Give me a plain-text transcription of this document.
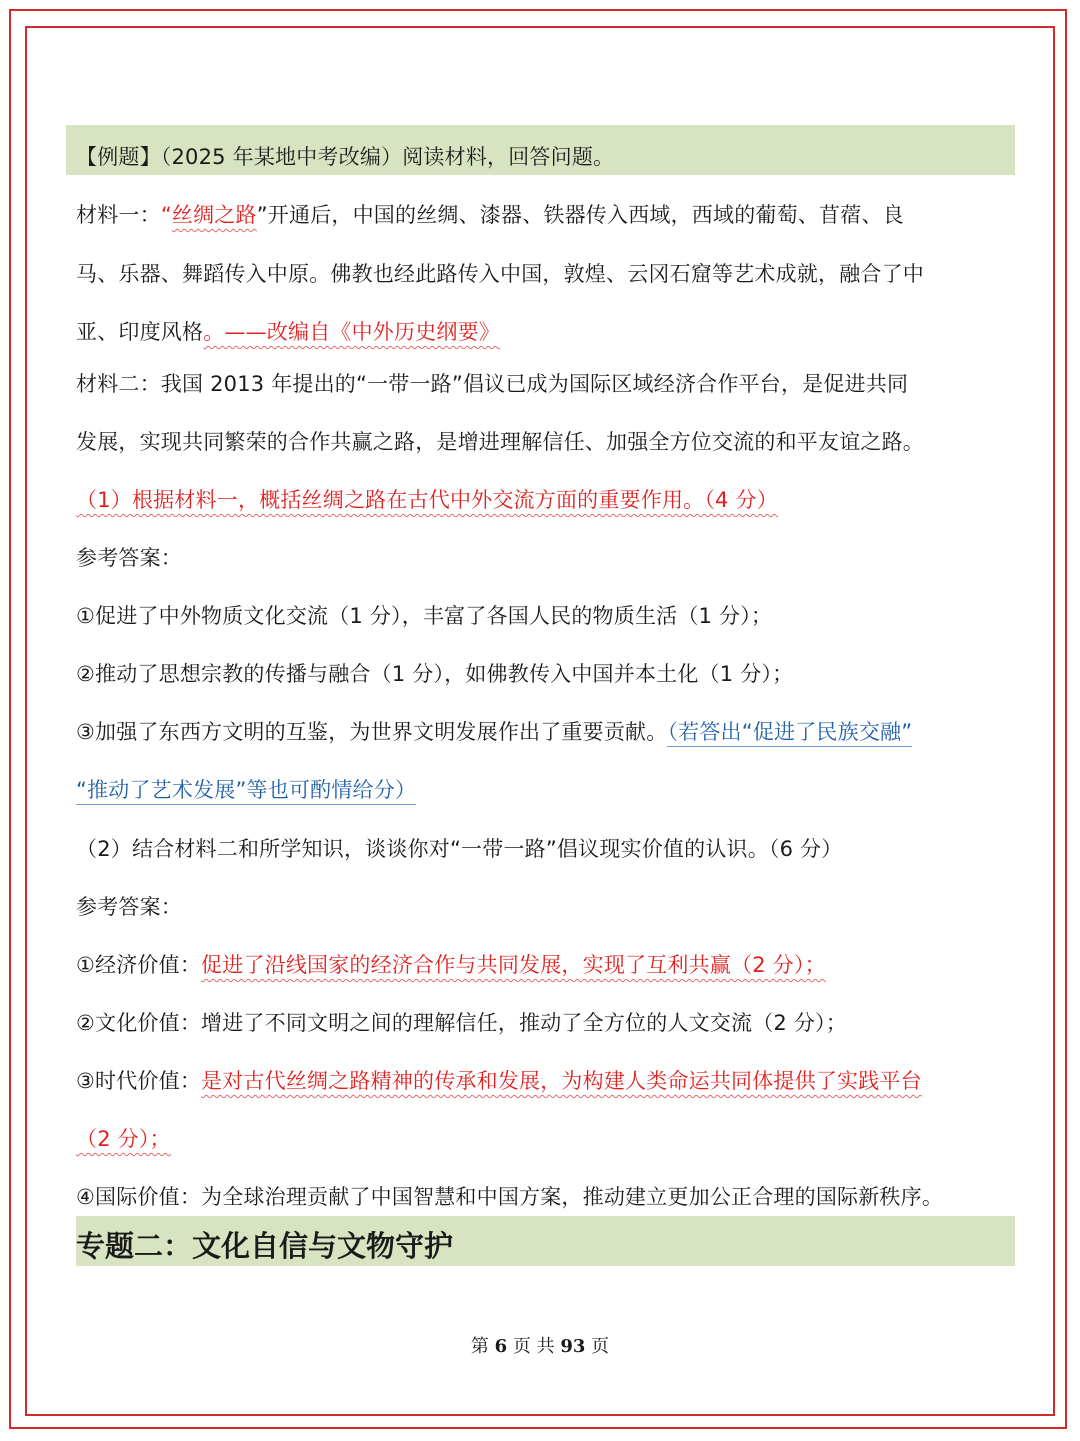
【例题】（2025 年某地中考改编）阅读材料，回答问题。
材料一：“丝绸之路”开通后，中国的丝绸、漆器、铁器传入西域，西域的葡萄、苜蓿、良
马、乐器、舞蹈传入中原。佛教也经此路传入中国，敦煌、云冈石窟等艺术成就，融合了中
亚、印度风格。——改编自《中外历史纲要》
材料二：我国 2013 年提出的“一带一路”倡议已成为国际区域经济合作平台，是促进共同
发展，实现共同繁荣的合作共赢之路，是增进理解信任、加强全方位交流的和平友谊之路。
（1）根据材料一，概括丝绸之路在古代中外交流方面的重要作用。（4 分）
参考答案：
①促进了中外物质文化交流（1 分），丰富了各国人民的物质生活（1 分）；
②推动了思想宗教的传播与融合（1 分），如佛教传入中国并本土化（1 分）；
③加强了东西方文明的互鉴，为世界文明发展作出了重要贡献。（若答出“促进了民族交融”
“推动了艺术发展”等也可酌情给分）
（2）结合材料二和所学知识，谈谈你对“一带一路”倡议现实价值的认识。（6 分）
参考答案：
①经济价值：促进了沿线国家的经济合作与共同发展，实现了互利共赢（2 分）；
②文化价值：增进了不同文明之间的理解信任，推动了全方位的人文交流（2 分）；
③时代价值：是对古代丝绸之路精神的传承和发展，为构建人类命运共同体提供了实践平台
（2 分）；
④国际价值：为全球治理贡献了中国智慧和中国方案，推动建立更加公正合理的国际新秩序。
专题二：文化自信与文物守护
第 6 页 共 93 页
